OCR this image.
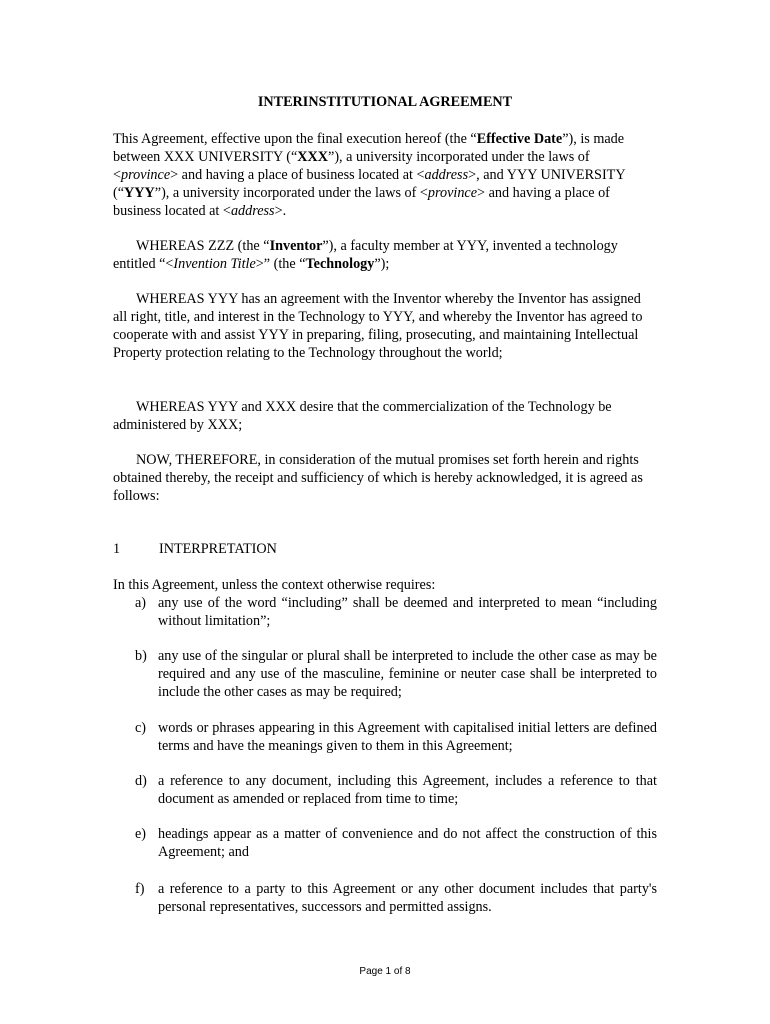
INTERINSTITUTIONAL AGREEMENT

This Agreement, effective upon the final execution hereof (the “Effective Date”), is made between XXX UNIVERSITY (“XXX”), a university incorporated under the laws of <province> and having a place of business located at <address>, and YYY UNIVERSITY (“YYY”), a university incorporated under the laws of <province> and having a place of business located at <address>.

WHEREAS ZZZ (the “Inventor”), a faculty member at YYY, invented a technology entitled “<Invention Title>” (the “Technology”);

WHEREAS YYY has an agreement with the Inventor whereby the Inventor has assigned all right, title, and interest in the Technology to YYY, and whereby the Inventor has agreed to cooperate with and assist YYY in preparing, filing, prosecuting, and maintaining Intellectual Property protection relating to the Technology throughout the world;

WHEREAS YYY and XXX desire that the commercialization of the Technology be administered by XXX;

NOW, THEREFORE, in consideration of the mutual promises set forth herein and rights obtained thereby, the receipt and sufficiency of which is hereby acknowledged, it is agreed as follows:

1	INTERPRETATION

In this Agreement, unless the context otherwise requires:

a) any use of the word “including” shall be deemed and interpreted to mean “including without limitation”;
b) any use of the singular or plural shall be interpreted to include the other case as may be required and any use of the masculine, feminine or neuter case shall be interpreted to include the other cases as may be required;
c) words or phrases appearing in this Agreement with capitalised initial letters are defined terms and have the meanings given to them in this Agreement;
d) a reference to any document, including this Agreement, includes a reference to that document as amended or replaced from time to time;
e) headings appear as a matter of convenience and do not affect the construction of this Agreement; and
f) a reference to a party to this Agreement or any other document includes that party's personal representatives, successors and permitted assigns.
Page 1 of 8
